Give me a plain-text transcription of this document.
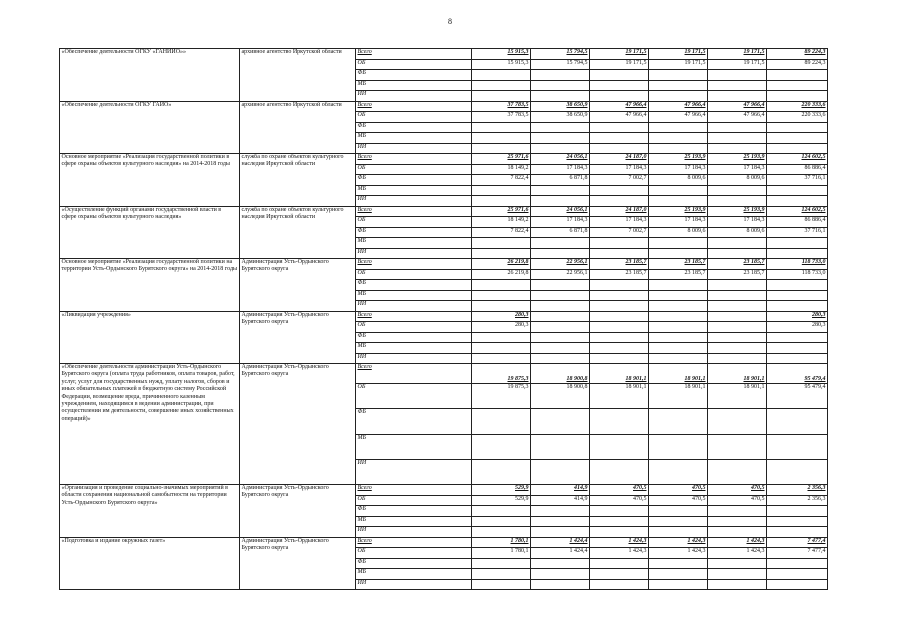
8
«Обеспечение деятельности ОГКУ «ГАНИИО»»	архивное агентство Иркутской области	Всего	15 915,3	15 794,5	19 171,5	19 171,5	19 171,5	89 224,3
		ОБ	15 915,3	15 794,5	19 171,5	19 171,5	19 171,5	89 224,3
		ФБ						
		МБ						
		ИИ						
«Обеспечение деятельности ОГКУ ГАИО»	архивное агентство Иркутской области	Всего	37 783,5	38 650,9	47 966,4	47 966,4	47 966,4	220 333,6
		ОБ	37 783,5	38 650,9	47 966,4	47 966,4	47 966,4	220 333,6
		ФБ						
		МБ						
		ИИ						
Основное мероприятие «Реализация государственной политики в сфере охраны объектов культурного наследия» на 2014-2018 годы	служба по охране объектов культурного наследия Иркутской области	Всего	25 971,6	24 056,1	24 187,0	25 193,9	25 193,9	124 602,5
		ОБ	18 149,2	17 184,3	17 184,3	17 184,3	17 184,3	86 886,4
		ФБ	7 822,4	6 871,8	7 002,7	8 009,6	8 009,6	37 716,1
		МБ						
		ИИ						
«Осуществление функций органами государственной власти в сфере охраны объектов культурного наследия»	служба по охране объектов культурного наследия Иркутской области	Всего	25 971,6	24 056,1	24 187,0	25 193,9	25 193,9	124 602,5
		ОБ	18 149,2	17 184,3	17 184,3	17 184,3	17 184,3	86 886,4
		ФБ	7 822,4	6 871,8	7 002,7	8 009,6	8 009,6	37 716,1
		МБ						
		ИИ						
Основное мероприятие «Реализация государственной политики на территории Усть-Ордынского Бурятского округа» на 2014-2018 годы	Администрация Усть-Ордынского Бурятского округа	Всего	26 219,8	22 956,1	23 185,7	23 185,7	23 185,7	118 733,0
		ОБ	26 219,8	22 956,1	23 185,7	23 185,7	23 185,7	118 733,0
		ФБ						
		МБ						
		ИИ						
«Ликвидация учреждения»	Администрация Усть-Ордынского Бурятского округа	Всего	280,3					280,3
		ОБ	280,3					280,3
		ФБ						
		МБ						
		ИИ						
«Обеспечение деятельности администрации Усть-Ордынского Бурятского округа (оплата труда работников, оплата товаров, работ, услуг, услуг для государственных нужд, уплату налогов, сборов и иных обязательных платежей в бюджетную систему Российской Федерации, возмещение вреда, причиненного казенным учреждением, находящимся в ведении администрации, при осуществлении им деятельности, совершение иных хозяйственных операций)»	Администрация Усть-Ордынского Бурятского округа	Всего	19 875,3	18 900,8	18 901,1	18 901,1	18 901,1	95 479,4
		ОБ	19 875,3	18 900,8	18 901,1	18 901,1	18 901,1	95 479,4
		ФБ						
		МБ						
		ИИ						
«Организация и проведение социально-значимых мероприятий в области сохранения национальной самобытности на территории Усть-Ордынского Бурятского округа»	Администрация Усть-Ордынского Бурятского округа	Всего	529,9	414,9	470,5	470,5	470,5	2 356,3
		ОБ	529,9	414,9	470,5	470,5	470,5	2 356,3
		ФБ						
		МБ						
		ИИ						
«Подготовка и издание окружных газет»	Администрация Усть-Ордынского Бурятского округа	Всего	1 780,1	1 424,4	1 424,3	1 424,3	1 424,3	7 477,4
		ОБ	1 780,1	1 424,4	1 424,3	1 424,3	1 424,3	7 477,4
		ФБ						
		МБ						
		ИИ						
